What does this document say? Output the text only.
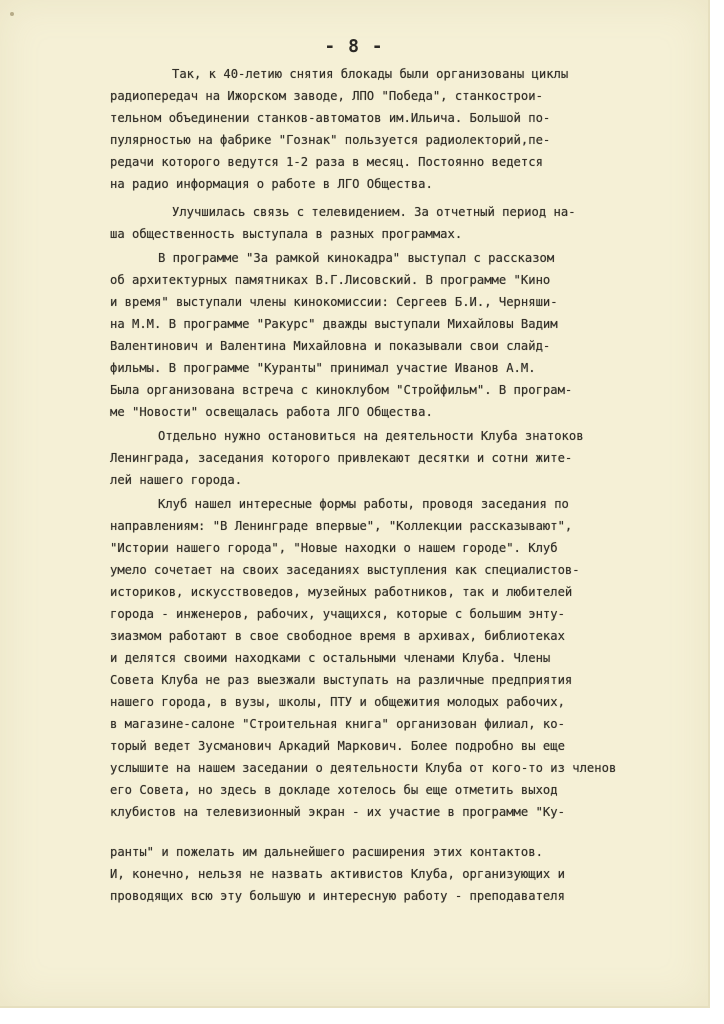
- 8 -
Так, к 40-летию снятия блокады были организованы циклы
радиопередач на Ижорском заводе, ЛПО "Победа", станкострои-
тельном объединении станков-автоматов им.Ильича. Большой по-
пулярностью на фабрике "Гознак" пользуется радиолекторий,пе-
редачи которого ведутся 1-2 раза в месяц. Постоянно ведется
на радио информация о работе в ЛГО Общества.
Улучшилась связь с телевидением. За отчетный период на-
ша общественность выступала в разных программах.
В программе "За рамкой кинокадра" выступал с рассказом
об архитектурных памятниках В.Г.Лисовский. В программе "Кино
и время" выступали члены кинокомиссии: Сергеев Б.И., Черняши-
на М.М. В программе "Ракурс" дважды выступали Михайловы Вадим
Валентинович и Валентина Михайловна и показывали свои слайд-
фильмы. В программе "Куранты" принимал участие Иванов А.М.
Была организована встреча с киноклубом "Стройфильм". В програм-
ме "Новости" освещалась работа ЛГО Общества.
Отдельно нужно остановиться на деятельности Клуба знатоков
Ленинграда, заседания которого привлекают десятки и сотни жите-
лей нашего города.
Клуб нашел интересные формы работы, проводя заседания по
направлениям: "В Ленинграде впервые", "Коллекции рассказывают",
"Истории нашего города", "Новые находки о нашем городе". Клуб
умело сочетает на своих заседаниях выступления как специалистов-
историков, искусствоведов, музейных работников, так и любителей
города - инженеров, рабочих, учащихся, которые с большим энту-
зиазмом работают в свое свободное время в архивах, библиотеках
и делятся своими находками с остальными членами Клуба. Члены
Совета Клуба не раз выезжали выступать на различные предприятия
нашего города, в вузы, школы, ПТУ и общежития молодых рабочих,
в магазине-салоне "Строительная книга" организован филиал, ко-
торый ведет Зусманович Аркадий Маркович. Более подробно вы еще
услышите на нашем заседании о деятельности Клуба от кого-то из членов
его Совета, но здесь в докладе хотелось бы еще отметить выход
клубистов на телевизионный экран - их участие в программе "Ку-
ранты" и пожелать им дальнейшего расширения этих контактов.
И, конечно, нельзя не назвать активистов Клуба, организующих и
проводящих всю эту большую и интересную работу - преподавателя
